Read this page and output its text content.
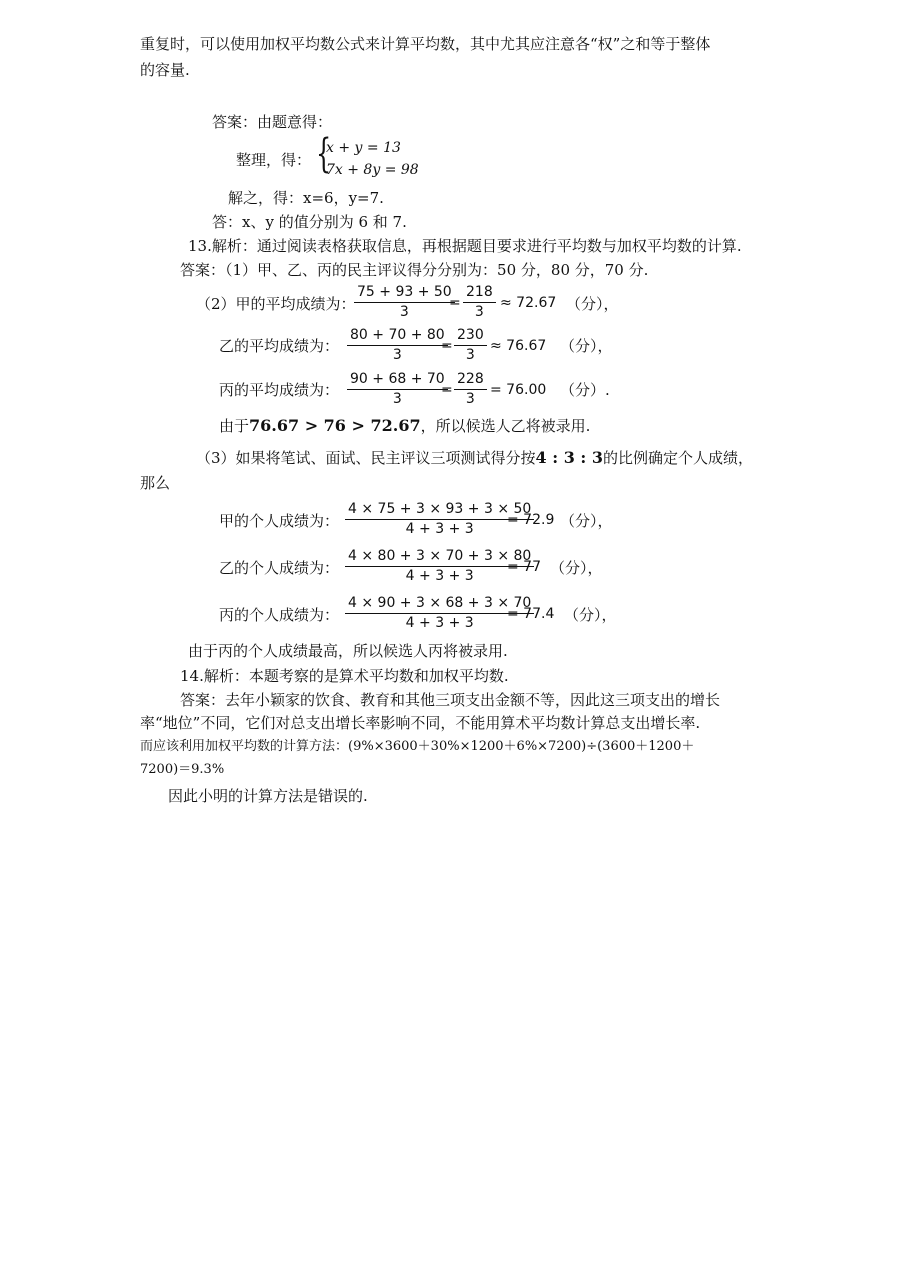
重复时，可以使用加权平均数公式来计算平均数，其中尤其应注意各“权”之和等于整体
的容量.
答案：由题意得：
整理，得： {
x + y = 13
7x + 8y = 98
解之，得：x=6，y=7.
答：x、y 的值分别为 6 和 7.
13.解析：通过阅读表格获取信息，再根据题目要求进行平均数与加权平均数的计算.
答案：（1）甲、乙、丙的民主评议得分分别为：50 分，80 分，70 分.
（2）甲的平均成绩为：
$\frac{75 + 93 + 50}{3}$
= $\frac{218}{3} \approx 72.67$ （分），
乙的平均成绩为： $\frac{80 + 70 + 80}{3}$
= $\frac{230}{3} \approx 76.67$ （分），
丙的平均成绩为： $\frac{90 + 68 + 70}{3}$
= $\frac{228}{3} = 76.00$ （分）.
由于76.67 > 76 > 72.67，所以候选人乙将被录用.
（3）如果将笔试、面试、民主评议三项测试得分按4 : 3 : 3的比例确定个人成绩，
那么
甲的个人成绩为： $\frac{4 \times 75 + 3 \times 93 + 3 \times 50}{4 + 3 + 3}$
= 72.9 （分），
乙的个人成绩为： $\frac{4 \times 80 + 3 \times 70 + 3 \times 80}{4 + 3 + 3}$
= 77 （分），
丙的个人成绩为： $\frac{4 \times 90 + 3 \times 68 + 3 \times 70}{4 + 3 + 3}$
= 77.4 （分），
由于丙的个人成绩最高，所以候选人丙将被录用.
14.解析：本题考察的是算术平均数和加权平均数.
答案：去年小颖家的饮食、教育和其他三项支出金额不等，因此这三项支出的增长
率“地位”不同，它们对总支出增长率影响不同，不能用算术平均数计算总支出增长率.
而应该利用加权平均数的计算方法：(9%×3600＋30%×1200＋6%×7200)÷(3600＋1200＋
7200)＝9.3%
因此小明的计算方法是错误的.
